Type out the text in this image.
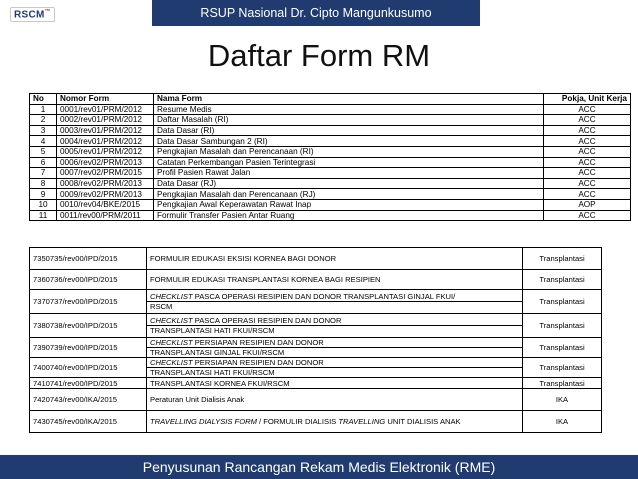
RSCM™	RSUP Nasional Dr. Cipto Mangunkusumo
Daftar Form RM
No	Nomor Form	Nama Form	Pokja, Unit Kerja
1	0001/rev01/PRM/2012	Resume Medis	ACC
2	0002/rev01/PRM/2012	Daftar Masalah (RI)	ACC
3	0003/rev01/PRM/2012	Data Dasar (RI)	ACC
4	0004/rev01/PRM/2012	Data Dasar Sambungan 2 (RI)	ACC
5	0005/rev01/PRM/2012	Pengkajian Masalah dan Perencanaan (RI)	ACC
6	0006/rev02/PRM/2013	Catatan Perkembangan Pasien Terintegrasi	ACC
7	0007/rev02/PRM/2015	Profil Pasien Rawat Jalan	ACC
8	0008/rev02/PRM/2013	Data Dasar (RJ)	ACC
9	0009/rev02/PRM/2013	Pengkajian Masalah dan Perencanaan (RJ)	ACC
10	0010/rev04/BKE/2015	Pengkajian Awal Keperawatan Rawat Inap	AOP
11	0011/rev00/PRM/2011	Formulir Transfer Pasien Antar Ruang	ACC
7350735/rev00/IPD/2015	FORMULIR EDUKASI EKSISI KORNEA BAGI DONOR	Transplantasi
7360736/rev00/IPD/2015	FORMULIR EDUKASI TRANSPLANTASI KORNEA BAGI RESIPIEN	Transplantasi
7370737/rev00/IPD/2015	CHECKLIST PASCA OPERASI RESIPIEN DAN DONOR TRANSPLANTASI GINJAL FKUI/
RSCM	Transplantasi
7380738/rev00/IPD/2015	CHECKLIST PASCA OPERASI RESIPIEN DAN DONOR
TRANSPLANTASI HATI FKUI/RSCM	Transplantasi
7390739/rev00/IPD/2015	CHECKLIST PERSIAPAN RESIPIEN DAN DONOR
TRANSPLANTASI GINJAL FKUI/RSCM	Transplantasi
7400740/rev00/IPD/2015	CHECKLIST PERSIAPAN RESIPIEN DAN DONOR
TRANSPLANTASI HATI FKUI/RSCM	Transplantasi
7410741/rev00/IPD/2015	TRANSPLANTASI KORNEA FKUI/RSCM	Transplantasi
7420743/rev00/IKA/2015	Peraturan Unit Dialisis Anak	IKA
7430745/rev00/IKA/2015	TRAVELLING DIALYSIS FORM / FORMULIR DIALISIS TRAVELLING UNIT DIALISIS ANAK	IKA
Penyusunan Rancangan Rekam Medis Elektronik (RME)
